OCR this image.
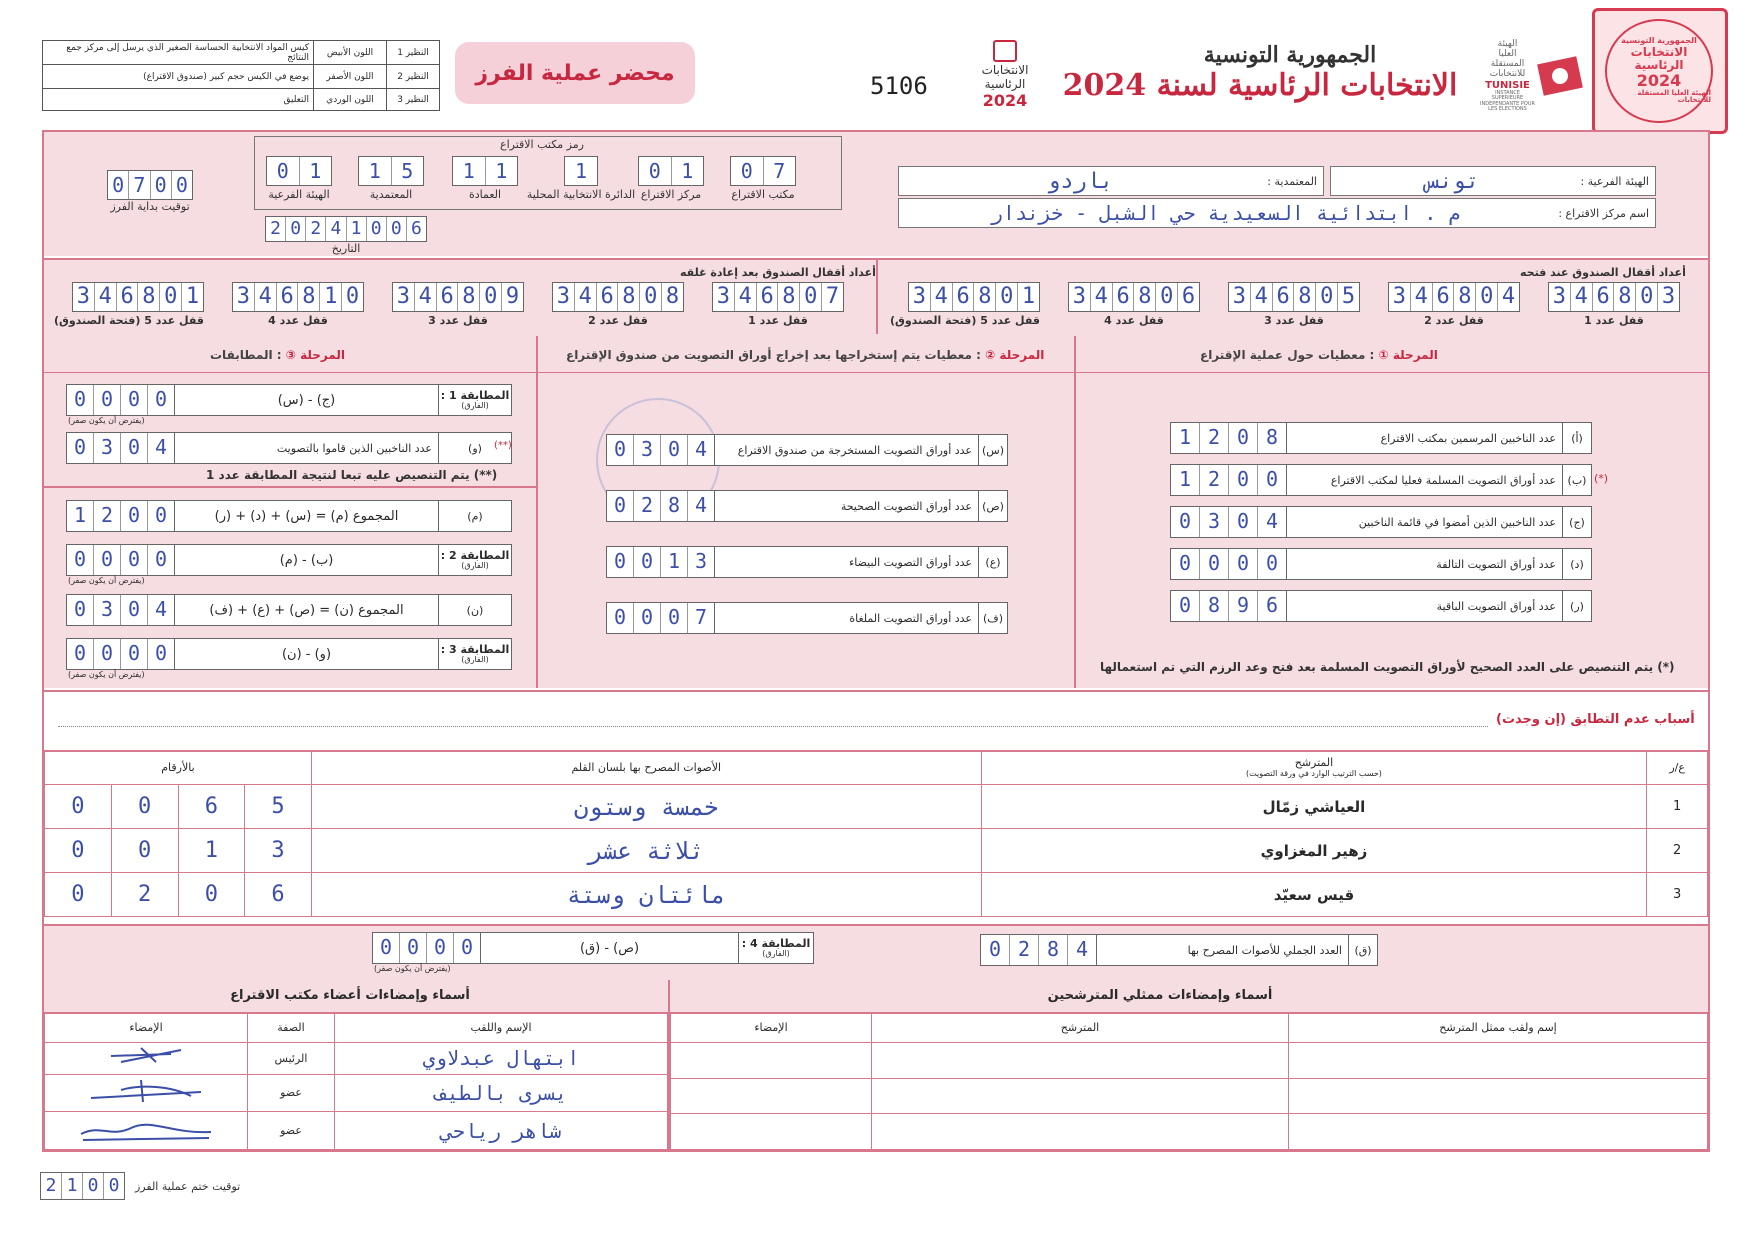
الجمهورية التونسية
الانتخابات
الرئاسية
2024
الهيئة العليا المستقلة للانتخابات
الهيئة
العليا
المستقلة
للانتخابات
TUNISIE
INSTANCE SUPERIEURE INDEPENDANTE POUR LES ELECTIONS
الجمهورية التونسية
الانتخابات الرئاسية لسنة 2024
الانتخابات
الرئاسية
2024
5106
محضر عملية الفرز
النظير 1	اللون الأبيض	كيس المواد الانتخابية الحساسة الصغير الذي يرسل إلى مركز جمع النتائج
النظير 2	اللون الأصفر	يوضع في الكيس حجم كبير (صندوق الاقتراع)
النظير 3	اللون الوردي	التعليق
الهيئة الفرعية :
تونس
المعتمدية :
باردو
اسم مركز الاقتراع :
م . ابتدائية السعيدية حي الشبل - خزندار
رمز مكتب الاقتراع
0	1
الهيئة الفرعية
1	5
المعتمدية
1	1
العمادة
1
الدائرة الانتخابية المحلية
0	1
مركز الاقتراع
0	7
مكتب الاقتراع
2 0 2 4 1 0 0 6
التاريخ
0 7 0 0
توقيت بداية الفرز
أعداد أقفال الصندوق عند فتحه
أعداد أقفال الصندوق بعد إعادة غلقه
3 4 6 8 0 3
قفل عدد 1
3 4 6 8 0 4
قفل عدد 2
3 4 6 8 0 5
قفل عدد 3
3 4 6 8 0 6
قفل عدد 4
3 4 6 8 0 1
قفل عدد 5 (فتحة الصندوق)
3 4 6 8 0 7
قفل عدد 1
3 4 6 8 0 8
قفل عدد 2
3 4 6 8 0 9
قفل عدد 3
3 4 6 8 1 0
قفل عدد 4
3 4 6 8 0 1
قفل عدد 5 (فتحة الصندوق)
المرحلة ① : معطيات حول عملية الإقتراع
المرحلة ② : معطيات يتم إستخراجها بعد إخراج أوراق التصويت من صندوق الإقتراع
المرحلة ③ : المطابقات
(أ)
عدد الناخبين المرسمين بمكتب الاقتراع
1 2 0 8
(ب)
عدد أوراق التصويت المسلمة فعليا لمكتب الاقتراع
1 2 0 0	(*)
(ج)
عدد الناخبين الذين أمضوا في قائمة الناخبين
0 3 0 4
(د)
عدد أوراق التصويت التالفة
0 0 0 0
(ر)
عدد أوراق التصويت الباقية
0 8 9 6
(*) يتم التنصيص على العدد الصحيح لأوراق التصويت المسلمة بعد فتح وعد الرزم التي تم استعمالها
(س)
عدد أوراق التصويت المستخرجة من صندوق الاقتراع
0 3 0 4
(ص)
عدد أوراق التصويت الصحيحة
0 2 8 4
(ع)
عدد أوراق التصويت البيضاء
0 0 1 3
(ف)
عدد أوراق التصويت الملغاة
0 0 0 7
المطابقة 1 :
(الفارق)
(ج) - (س)
0 0 0 0
(يفترض أن يكون صفر)
(و)
عدد الناخبين الذين قاموا بالتصويت
0 3 0 4	(**)
(**) يتم التنصيص عليه تبعا لنتيجة المطابقة عدد 1
(م)
المجموع (م) = (س) + (د) + (ر)
1 2 0 0
المطابقة 2 :
(الفارق)
(ب) - (م)
0 0 0 0
(يفترض أن يكون صفر)
(ن)
المجموع (ن) = (ص) + (ع) + (ف)
0 3 0 4
المطابقة 3 :
(الفارق)
(و) - (ن)
0 0 0 0
(يفترض أن يكون صفر)
أسباب عدم التطابق (إن وجدت)
ع/ر	المترشح
(حسب الترتيب الوارد في ورقة التصويت)	الأصوات المصرح بها بلسان القلم	بالأرقام			
1	العياشي زمّال	خمسة وستون	5	6	0	0
2	زهير المغزاوي	ثلاثة عشر	3	1	0	0
3	قيس سعيّد	مائتان وستة	6	0	2	0
(ق)
العدد الجملي للأصوات المصرح بها
0 2 8 4
المطابقة 4 :
(الفارق)
(ص) - (ق)
0 0 0 0
(يفترض أن يكون صفر)
أسماء وإمضاءات ممثلي المترشحين
أسماء وإمضاءات أعضاء مكتب الاقتراع
إسم ولقب ممثل المترشح	المترشح	الإمضاء

الإسم واللقب	الصفة	الإمضاء
ابتهال عبدلاوي	الرئيس	
يسرى بالطيف	عضو	
شاهر رياحي	عضو	
2 1 0 0	توقيت ختم عملية الفرز
